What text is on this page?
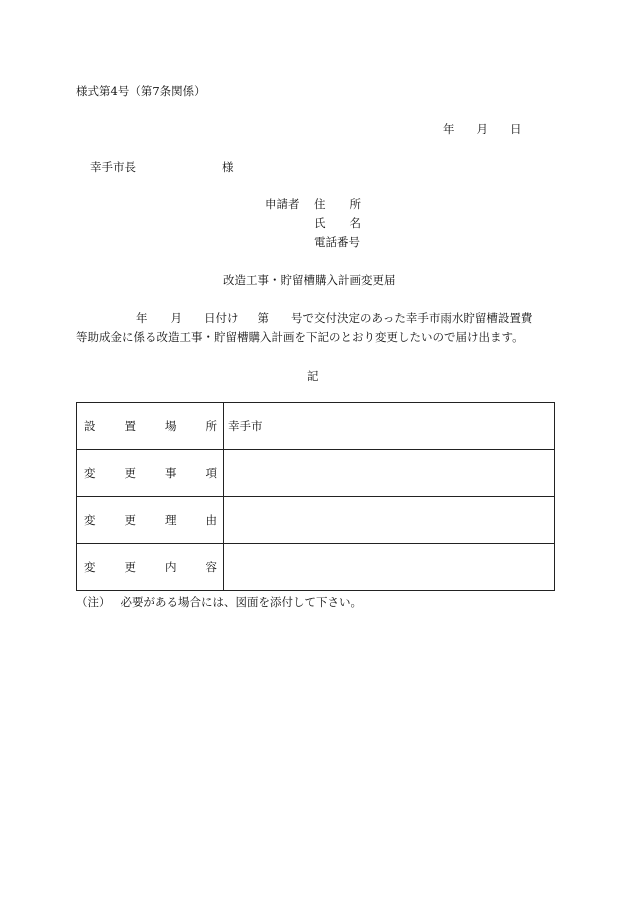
様式第4号（第7条関係）
年 月 日
幸手市長	様
申請者 住 所
氏 名
電話番号
改造工事・貯留槽購入計画変更届
年 月 日付け 第 号で交付決定のあった幸手市雨水貯留槽設置費
等助成金に係る改造工事・貯留槽購入計画を下記のとおり変更したいので届け出ます。
記
設 置 場 所	幸手市

変 更 事 項	

変 更 理 由	

変 更 内 容	

（注） 必要がある場合には、図面を添付して下さい。
